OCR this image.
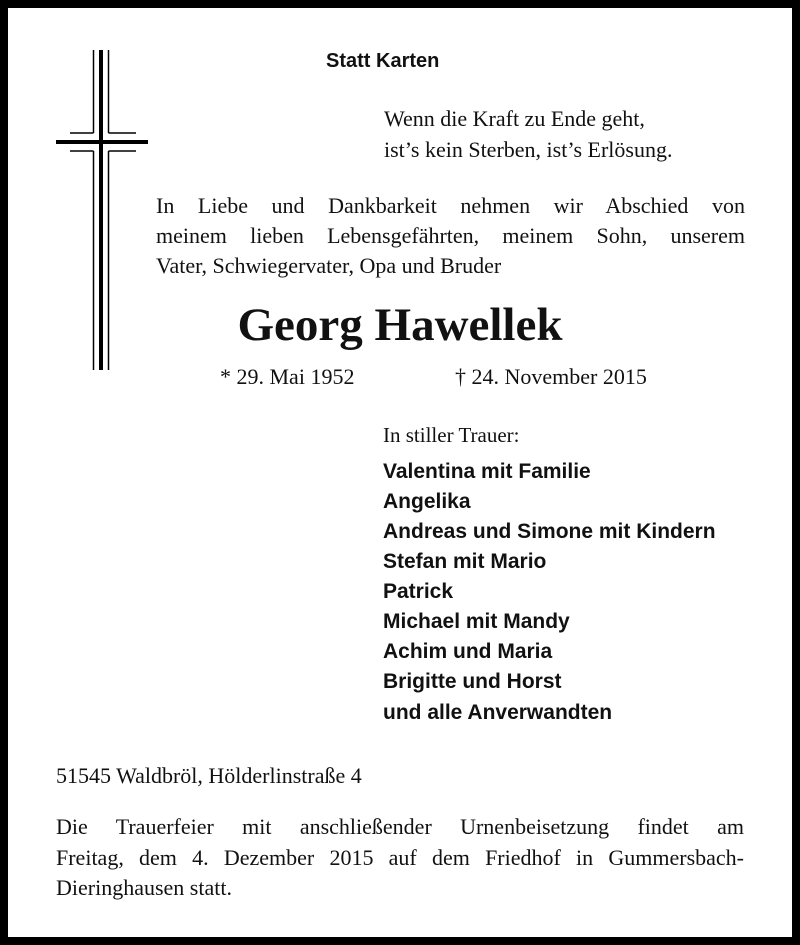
Statt Karten
Wenn die Kraft zu Ende geht,
ist’s kein Sterben, ist’s Erlösung.
In Liebe und Dankbarkeit nehmen wir Abschied von
meinem lieben Lebensgefährten, meinem Sohn, unserem
Vater, Schwiegervater, Opa und Bruder
Georg Hawellek
* 29. Mai 1952	† 24. November 2015
In stiller Trauer:
Valentina mit Familie
Angelika
Andreas und Simone mit Kindern
Stefan mit Mario
Patrick
Michael mit Mandy
Achim und Maria
Brigitte und Horst
und alle Anverwandten
51545 Waldbröl, Hölderlinstraße 4
Die Trauerfeier mit anschließender Urnenbeisetzung findet am
Freitag, dem 4. Dezember 2015 auf dem Friedhof in Gummersbach-
Dieringhausen statt.
